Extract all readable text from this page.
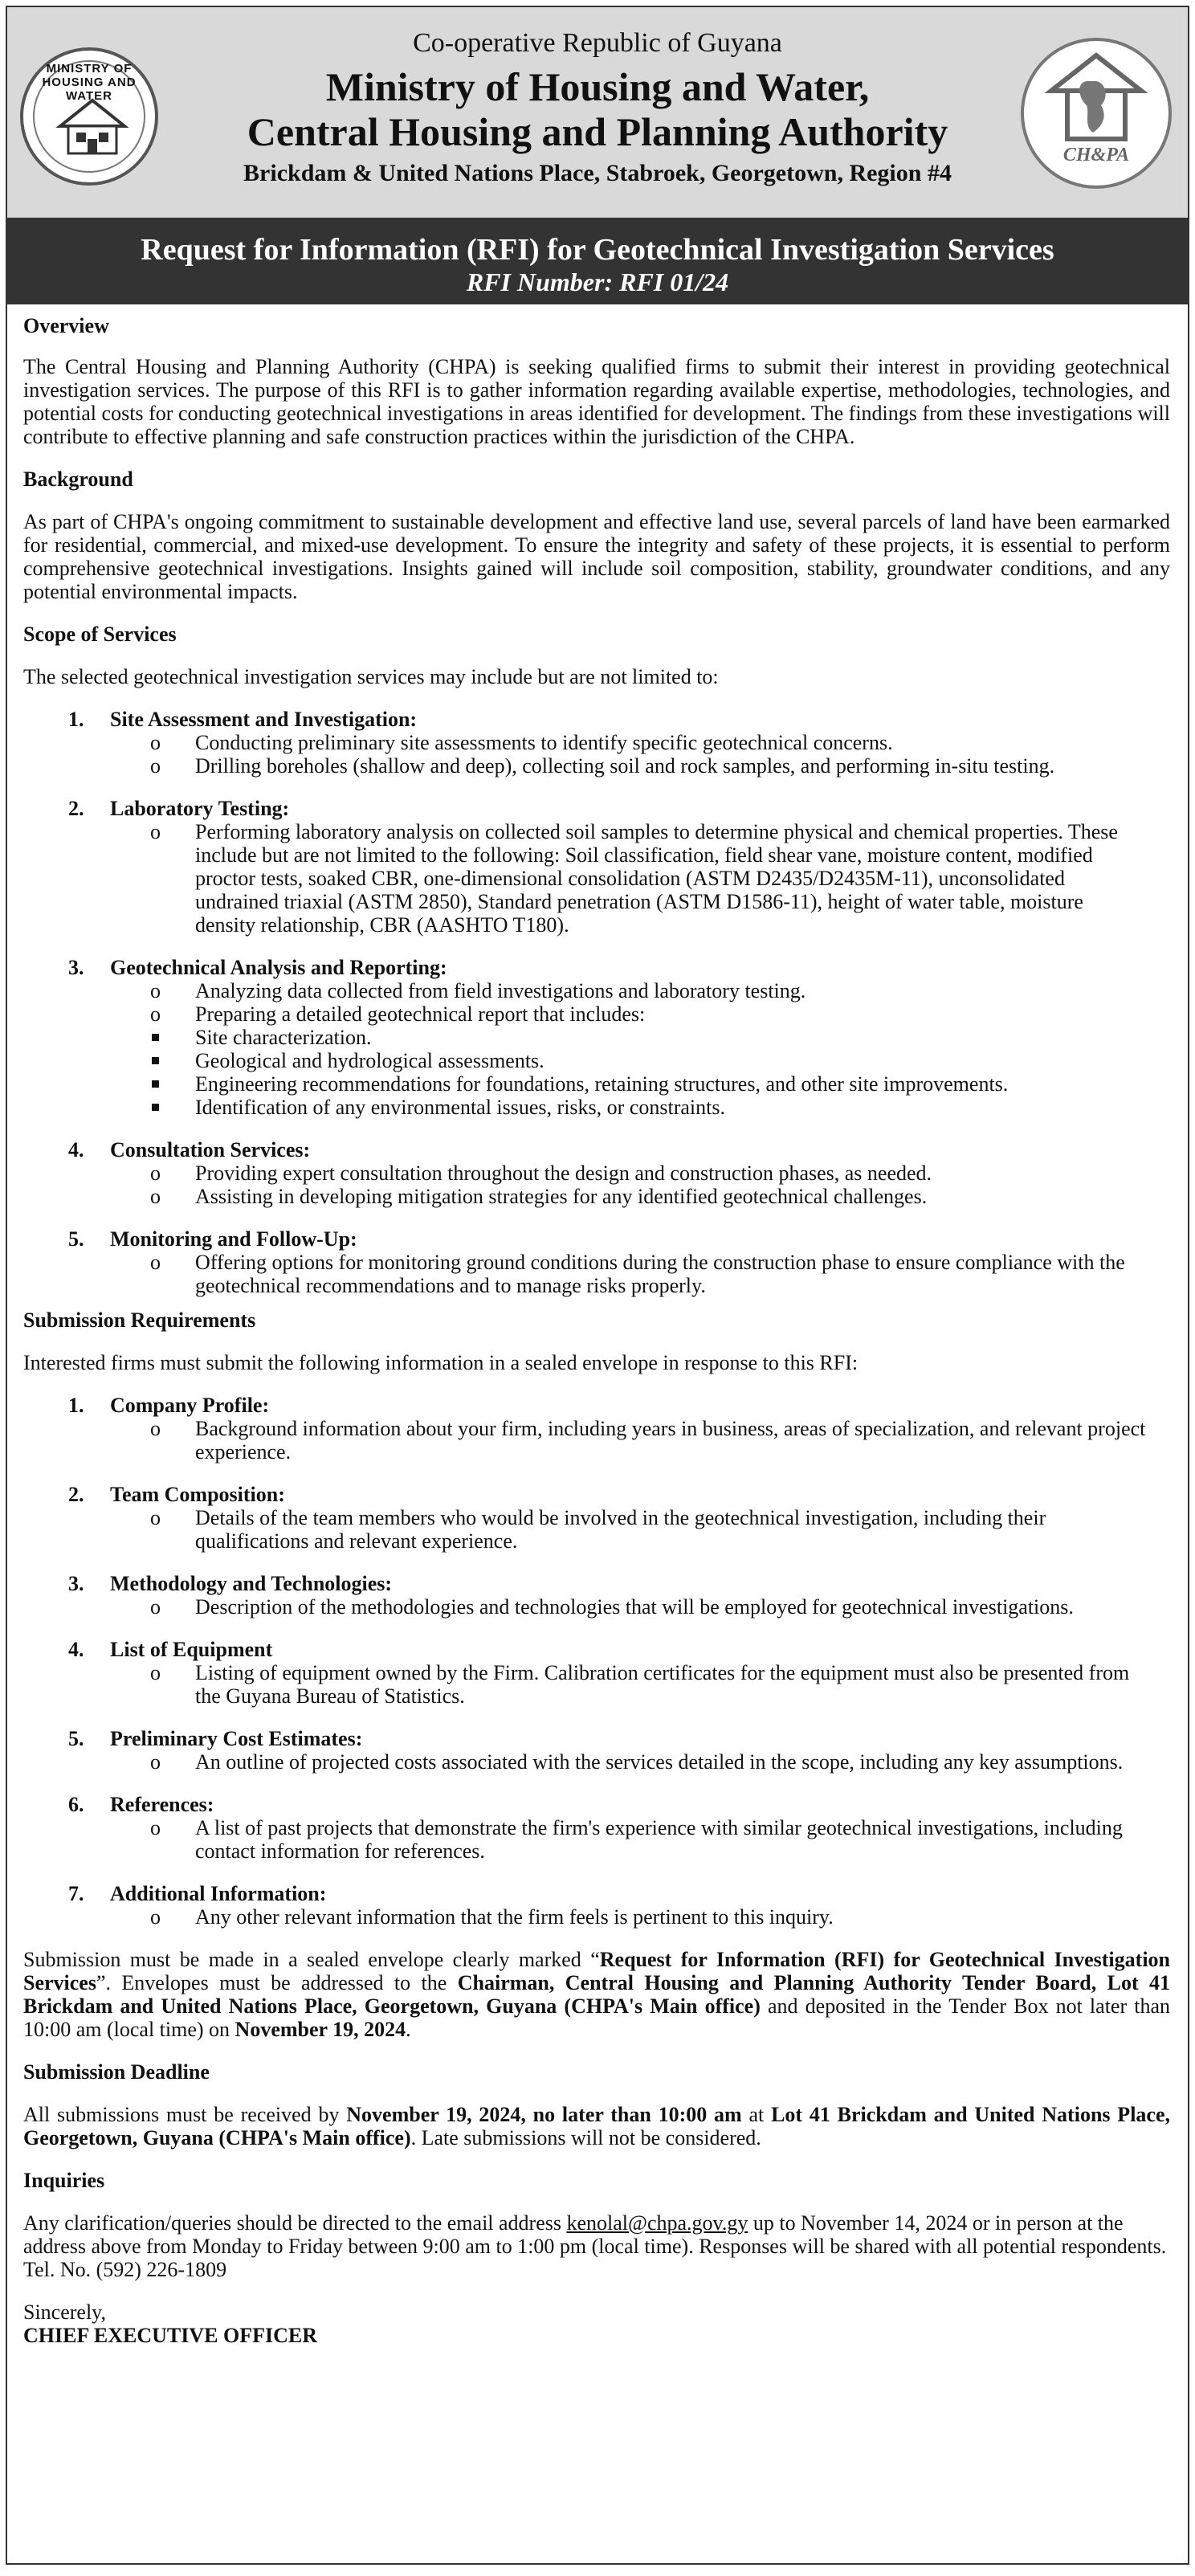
MINISTRY OF HOUSING AND WATER
Co-operative Republic of Guyana
Ministry of Housing and Water,
Central Housing and Planning Authority
Brickdam & United Nations Place, Stabroek, Georgetown, Region #4
CH&PA
Request for Information (RFI) for Geotechnical Investigation Services
RFI Number: RFI 01/24
Overview

The Central Housing and Planning Authority (CHPA) is seeking qualified firms to submit their interest in providing geotechnical investigation services. The purpose of this RFI is to gather information regarding available expertise, methodologies, technologies, and potential costs for conducting geotechnical investigations in areas identified for development. The findings from these investigations will contribute to effective planning and safe construction practices within the jurisdiction of the CHPA.

Background

As part of CHPA's ongoing commitment to sustainable development and effective land use, several parcels of land have been earmarked for residential, commercial, and mixed-use development. To ensure the integrity and safety of these projects, it is essential to perform comprehensive geotechnical investigations. Insights gained will include soil composition, stability, groundwater conditions, and any potential environmental impacts.

Scope of Services

The selected geotechnical investigation services may include but are not limited to:

1. Site Assessment and Investigation:
o Conducting preliminary site assessments to identify specific geotechnical concerns.
o Drilling boreholes (shallow and deep), collecting soil and rock samples, and performing in-situ testing.
2. Laboratory Testing:
o Performing laboratory analysis on collected soil samples to determine physical and chemical properties. These include but are not limited to the following: Soil classification, field shear vane, moisture content, modified proctor tests, soaked CBR, one-dimensional consolidation (ASTM D2435/D2435M-11), unconsolidated undrained triaxial (ASTM 2850), Standard penetration (ASTM D1586-11), height of water table, moisture density relationship, CBR (AASHTO T180).
3. Geotechnical Analysis and Reporting:
o Analyzing data collected from field investigations and laboratory testing.
o Preparing a detailed geotechnical report that includes:
Site characterization.
Geological and hydrological assessments.
Engineering recommendations for foundations, retaining structures, and other site improvements.
Identification of any environmental issues, risks, or constraints.
4. Consultation Services:
o Providing expert consultation throughout the design and construction phases, as needed.
o Assisting in developing mitigation strategies for any identified geotechnical challenges.
5. Monitoring and Follow-Up:
o Offering options for monitoring ground conditions during the construction phase to ensure compliance with the geotechnical recommendations and to manage risks properly.
Submission Requirements

Interested firms must submit the following information in a sealed envelope in response to this RFI:

1. Company Profile:
o Background information about your firm, including years in business, areas of specialization, and relevant project experience.
2. Team Composition:
o Details of the team members who would be involved in the geotechnical investigation, including their qualifications and relevant experience.
3. Methodology and Technologies:
o Description of the methodologies and technologies that will be employed for geotechnical investigations.
4. List of Equipment
o Listing of equipment owned by the Firm. Calibration certificates for the equipment must also be presented from the Guyana Bureau of Statistics.
5. Preliminary Cost Estimates:
o An outline of projected costs associated with the services detailed in the scope, including any key assumptions.
6. References:
o A list of past projects that demonstrate the firm's experience with similar geotechnical investigations, including contact information for references.
7. Additional Information:
o Any other relevant information that the firm feels is pertinent to this inquiry.

Submission must be made in a sealed envelope clearly marked “Request for Information (RFI) for Geotechnical Investigation Services”. Envelopes must be addressed to the Chairman, Central Housing and Planning Authority Tender Board, Lot 41 Brickdam and United Nations Place, Georgetown, Guyana (CHPA's Main office) and deposited in the Tender Box not later than 10:00 am (local time) on November 19, 2024.

Submission Deadline

All submissions must be received by November 19, 2024, no later than 10:00 am at Lot 41 Brickdam and United Nations Place, Georgetown, Guyana (CHPA's Main office). Late submissions will not be considered.

Inquiries

Any clarification/queries should be directed to the email address kenolal@chpa.gov.gy up to November 14, 2024 or in person at the address above from Monday to Friday between 9:00 am to 1:00 pm (local time). Responses will be shared with all potential respondents. Tel. No. (592) 226-1809

Sincerely,
CHIEF EXECUTIVE OFFICER
